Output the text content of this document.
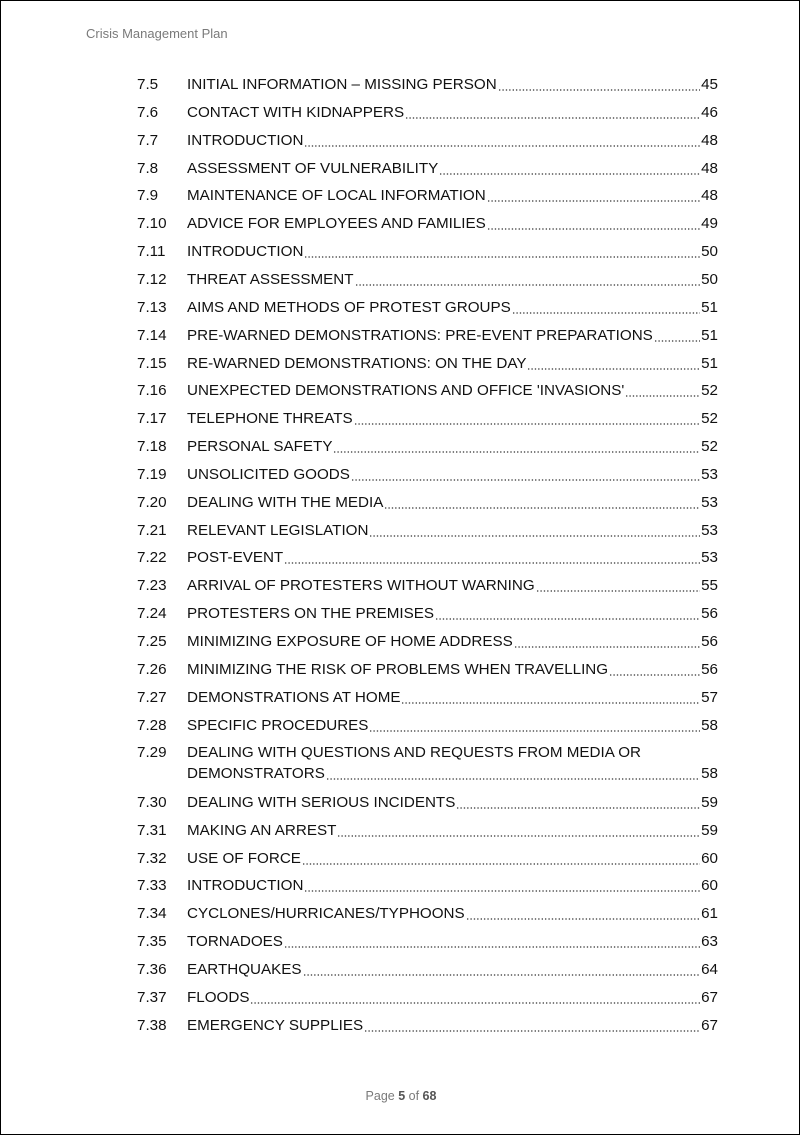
Crisis Management Plan
7.5 INITIAL INFORMATION – MISSING PERSON	45
7.6 CONTACT WITH KIDNAPPERS	46
7.7 INTRODUCTION	48
7.8 ASSESSMENT OF VULNERABILITY	48
7.9 MAINTENANCE OF LOCAL INFORMATION	48
7.10 ADVICE FOR EMPLOYEES AND FAMILIES	49
7.11 INTRODUCTION	50
7.12 THREAT ASSESSMENT	50
7.13 AIMS AND METHODS OF PROTEST GROUPS	51
7.14 PRE-WARNED DEMONSTRATIONS: PRE-EVENT PREPARATIONS	51
7.15 RE-WARNED DEMONSTRATIONS: ON THE DAY	51
7.16 UNEXPECTED DEMONSTRATIONS AND OFFICE 'INVASIONS'	52
7.17 TELEPHONE THREATS	52
7.18 PERSONAL SAFETY	52
7.19 UNSOLICITED GOODS	53
7.20 DEALING WITH THE MEDIA	53
7.21 RELEVANT LEGISLATION	53
7.22 POST-EVENT	53
7.23 ARRIVAL OF PROTESTERS WITHOUT WARNING	55
7.24 PROTESTERS ON THE PREMISES	56
7.25 MINIMIZING EXPOSURE OF HOME ADDRESS	56
7.26 MINIMIZING THE RISK OF PROBLEMS WHEN TRAVELLING	56
7.27 DEMONSTRATIONS AT HOME	57
7.28 SPECIFIC PROCEDURES	58
7.29 DEALING WITH QUESTIONS AND REQUESTS FROM MEDIA OR
DEMONSTRATORS	58
7.30 DEALING WITH SERIOUS INCIDENTS	59
7.31 MAKING AN ARREST	59
7.32 USE OF FORCE	60
7.33 INTRODUCTION	60
7.34 CYCLONES/HURRICANES/TYPHOONS	61
7.35 TORNADOES	63
7.36 EARTHQUAKES	64
7.37 FLOODS	67
7.38 EMERGENCY SUPPLIES	67
Page 5 of 68
